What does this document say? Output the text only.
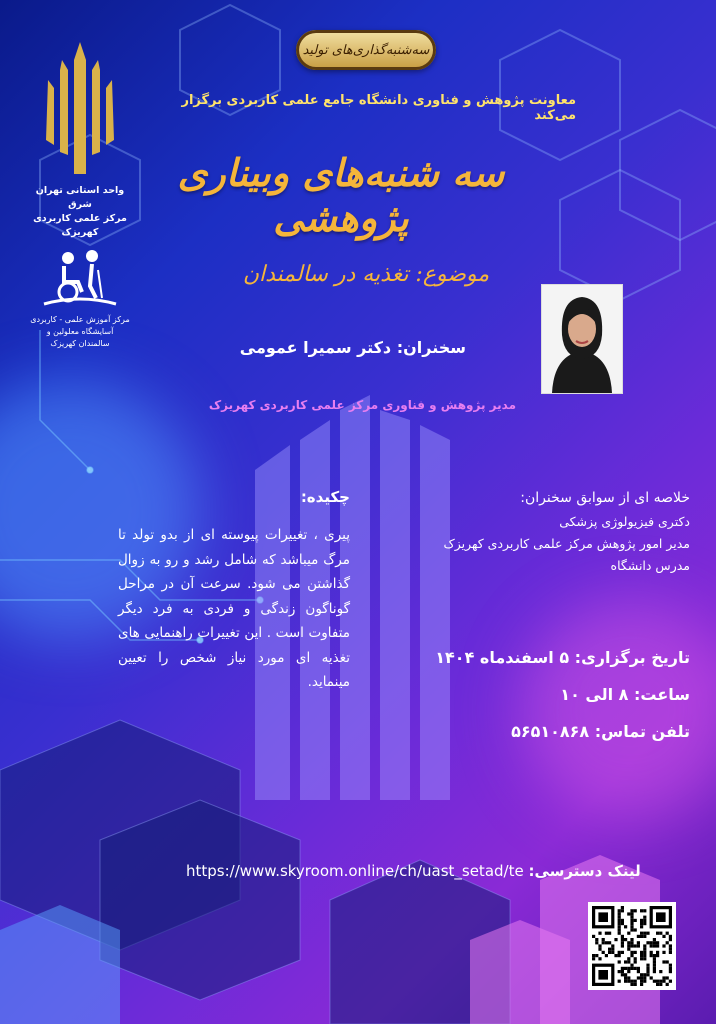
سه‌شنبه‌گذاری‌های تولید
واحد استانی تهران شرق
مرکز علمی کاربردی کهریزک
مرکز آموزش علمی - کاربردی
آسایشگاه معلولین و سالمندان کهریزک
معاونت پژوهش و فناوری دانشگاه جامع علمی کاربردی برگزار می‌کند
سه شنبه‌های وبیناری پژوهشی
موضوع: تغذیه در سالمندان
سخنران: دکتر سمیرا عمومی
مدیر پژوهش و فناوری مرکز علمی کاربردی کهریزک
چکیده:
پیری ، تغییرات پیوسته ای از بدو تولد تا مرگ میباشد که شامل رشد و رو به زوال گذاشتن می شود. سرعت آن در مراحل گوناگون زندگی و فردی به فرد دیگر متفاوت است . این تغییرات راهنمایی های تغذیه ای مورد نیاز شخص را تعیین مینماید.
خلاصه ای از سوابق سخنران:
دکتری فیزیولوژی پزشکی
مدیر امور پژوهش مرکز علمی کاربردی کهریزک
مدرس دانشگاه
تاریخ برگزاری: ۵ اسفندماه ۱۴۰۴
ساعت: ۸ الی ۱۰
تلفن تماس: ۵۶۵۱۰۸۶۸
https://www.skyroom.online/ch/uast_setad/te لینک دسترسی:
